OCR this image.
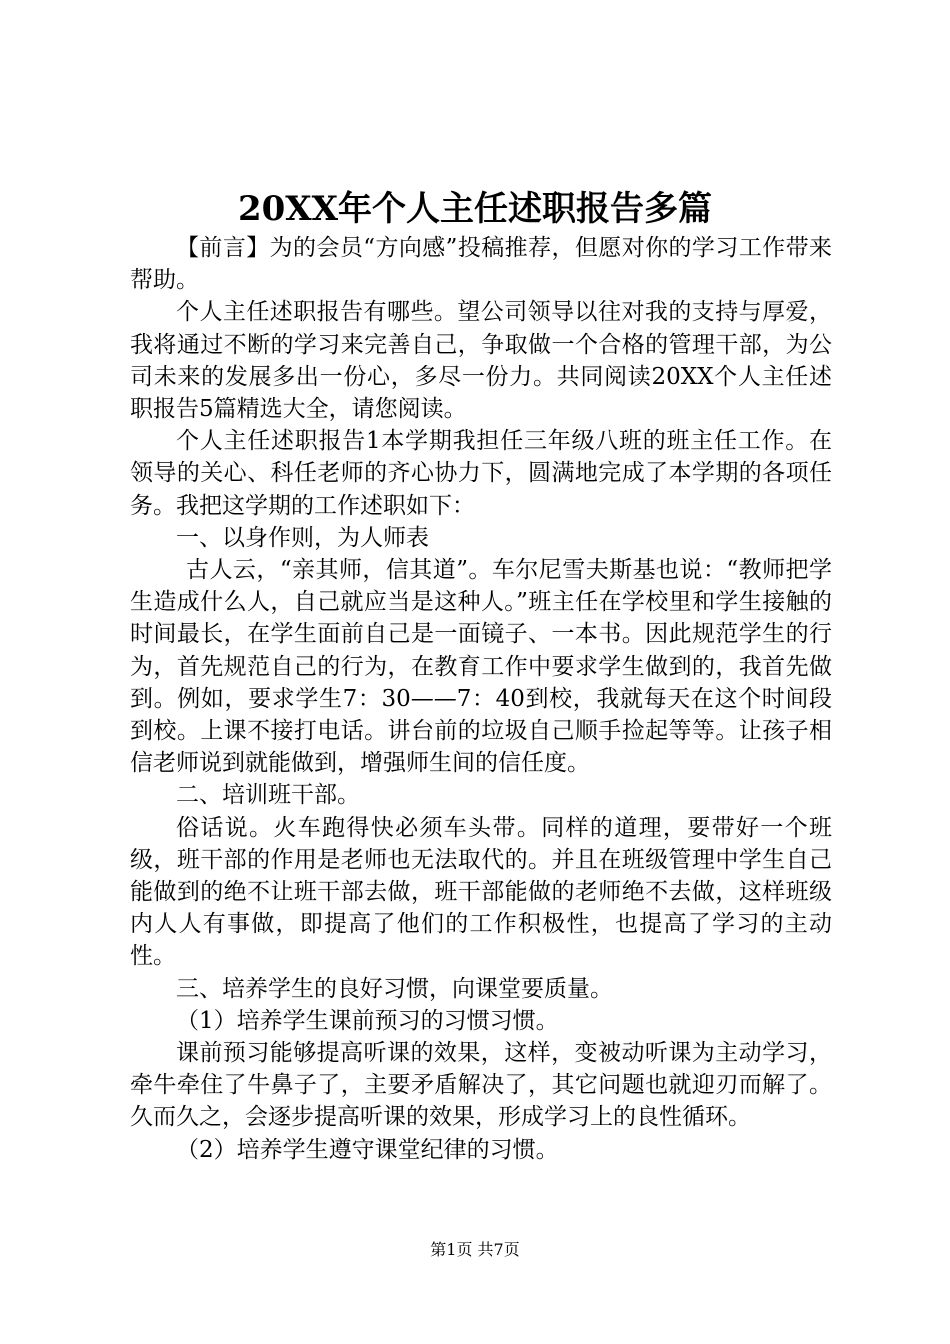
20XX年个人主任述职报告多篇

【前言】为的会员“方向感”投稿推荐，但愿对你的学习工作带来帮助。

个人主任述职报告有哪些。望公司领导以往对我的支持与厚爱，我将通过不断的学习来完善自己，争取做一个合格的管理干部，为公司未来的发展多出一份心，多尽一份力。共同阅读20XX个人主任述职报告5篇精选大全，请您阅读。

个人主任述职报告1本学期我担任三年级八班的班主任工作。在领导的关心、科任老师的齐心协力下，圆满地完成了本学期的各项任务。我把这学期的工作述职如下：

一、以身作则，为人师表

古人云，“亲其师，信其道”。车尔尼雪夫斯基也说：“教师把学生造成什么人，自己就应当是这种人。”班主任在学校里和学生接触的时间最长，在学生面前自己是一面镜子、一本书。因此规范学生的行为，首先规范自己的行为，在教育工作中要求学生做到的，我首先做到。例如，要求学生7：30——7：40到校，我就每天在这个时间段到校。上课不接打电话。讲台前的垃圾自己顺手捡起等等。让孩子相信老师说到就能做到，增强师生间的信任度。

二、培训班干部。

俗话说。火车跑得快必须车头带。同样的道理，要带好一个班级，班干部的作用是老师也无法取代的。并且在班级管理中学生自己能做到的绝不让班干部去做，班干部能做的老师绝不去做，这样班级内人人有事做，即提高了他们的工作积极性，也提高了学习的主动性。

三、培养学生的良好习惯，向课堂要质量。

（1）培养学生课前预习的习惯习惯。

课前预习能够提高听课的效果，这样，变被动听课为主动学习，牵牛牵住了牛鼻子了，主要矛盾解决了，其它问题也就迎刃而解了。久而久之，会逐步提高听课的效果，形成学习上的良性循环。

（2）培养学生遵守课堂纪律的习惯。

第1页 共7页
